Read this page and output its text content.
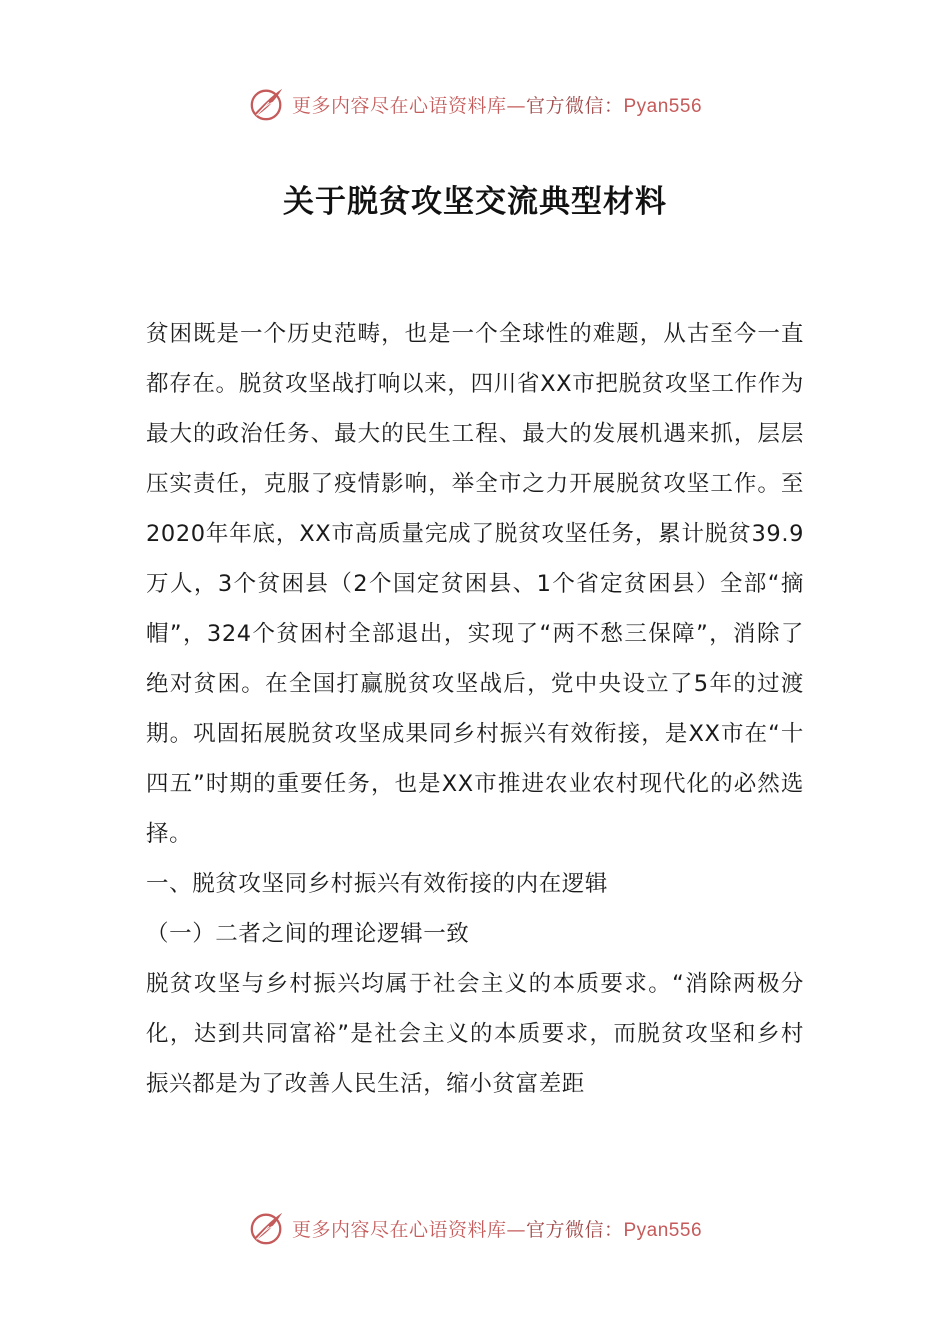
更多内容尽在心语资料库—官方微信：Pyan556
关于脱贫攻坚交流典型材料

贫困既是一个历史范畴，也是一个全球性的难题，从古至今一直都存在。脱贫攻坚战打响以来，四川省XX市把脱贫攻坚工作作为最大的政治任务、最大的民生工程、最大的发展机遇来抓，层层压实责任，克服了疫情影响，举全市之力开展脱贫攻坚工作。至2020年年底，XX市高质量完成了脱贫攻坚任务，累计脱贫39.9万人，3个贫困县（2个国定贫困县、1个省定贫困县）全部“摘帽”，324个贫困村全部退出，实现了“两不愁三保障”，消除了绝对贫困。在全国打赢脱贫攻坚战后，党中央设立了5年的过渡期。巩固拓展脱贫攻坚成果同乡村振兴有效衔接，是XX市在“十四五”时期的重要任务，也是XX市推进农业农村现代化的必然选择。

一、脱贫攻坚同乡村振兴有效衔接的内在逻辑

（一）二者之间的理论逻辑一致

脱贫攻坚与乡村振兴均属于社会主义的本质要求。“消除两极分化，达到共同富裕”是社会主义的本质要求，而脱贫攻坚和乡村振兴都是为了改善人民生活，缩小贫富差距

更多内容尽在心语资料库—官方微信：Pyan556
